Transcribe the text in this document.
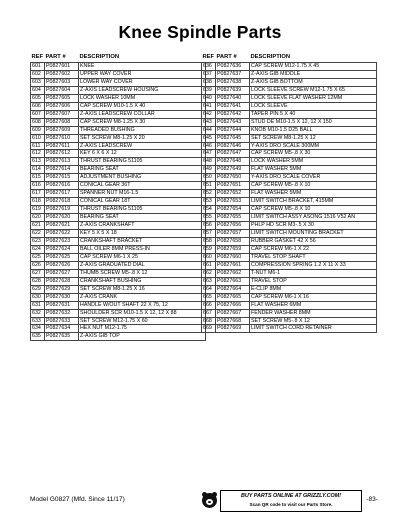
Knee Spindle Parts
REF	PART #	DESCRIPTION
601	P0827601	KNEE
602	P0827602	UPPER WAY COVER
603	P0827603	LOWER WAY COVER
604	P0827604	Z-AXIS LEADSCREW HOUSING
605	P0827605	LOCK WASHER 10MM
606	P0827606	CAP SCREW M10-1.5 X 40
607	P0827607	Z-AXIS LEADSCREW COLLAR
608	P0827608	CAP SCREW M8-1.25 X 30
609	P0827609	THREADED BUSHING
610	P0827610	SET SCREW M8-1.25 X 20
611	P0827611	Z-AXIS LEADSCREW
612	P0827612	KEY 6 X 6 X 12
613	P0827613	THRUST BEARING 51105
614	P0827614	BEARING SEAT
615	P0827615	ADJUSTMENT BUSHING
616	P0827616	CONICAL GEAR 36T
617	P0827617	SPANNER NUT M16-1.5
618	P0827618	CONICAL GEAR 18T
619	P0827619	THRUST BEARING 51105
620	P0827620	BEARING SEAT
621	P0827621	Z-AXIS CRANKSHAFT
622	P0827622	KEY 5 X 5 X 18
623	P0827623	CRANKSHAFT BRACKET
624	P0827624	BALL OILER 8MM PRESS-IN
625	P0827625	CAP SCREW M6-1 X 25
626	P0827626	Z-AXIS GRADUATED DIAL
627	P0827627	THUMB SCREW M5-.8 X 12
628	P0827628	CRANKSHAFT BUSHING
629	P0827629	SET SCREW M8-1.25 X 16
630	P0827630	Z-AXIS CRANK
631	P0827631	HANDLE W/OUT SHAFT 22 X 75, 12
632	P0827632	SHOULDER SCR M10-1.5 X 12, 12 X 88
633	P0827633	SET SCREW M12-1.75 X 60
634	P0827634	HEX NUT M12-1.75
635	P0827635	Z-AXIS GIB TOP
REF	PART #	DESCRIPTION
636	P0827636	CAP SCREW M12-1.75 X 45
637	P0827637	Z-AXIS GIB MIDDLE
638	P0827638	Z-AXIS GIB BOTTOM
639	P0827639	LOCK SLEEVE SCREW M12-1.75 X 65
640	P0827640	LOCK SLEEVE FLAT WASHER 12MM
641	P0827641	LOCK SLEEVE
642	P0827642	TAPER PIN 5 X 40
643	P0827643	STUD DE M10-1.5 X 12, 12 X 150
644	P0827644	KNOB M10-1.5 D25 BALL
645	P0827645	SET SCREW M8-1.25 X 12
646	P0827646	Y-AXIS DRO SCALE 300MM
647	P0827647	CAP SCREW M5-.8 X 30
648	P0827648	LOCK WASHER 5MM
649	P0827649	FLAT WASHER 5MM
650	P0827650	Y-AXIS DRO SCALE COVER
651	P0827651	CAP SCREW M5-.8 X 10
652	P0827652	FLAT WASHER 5MM
653	P0827653	LIMIT SWITCH BRACKET, 415MM
654	P0827654	CAP SCREW M5-.8 X 10
655	P0827655	LIMIT SWITCH ASSY ASONG 1516 V52 AN
656	P0827656	PHLP HD SCR M3-.5 X 30
657	P0827657	LIMIT SWITCH MOUNTING BRACKET
658	P0827658	RUBBER GASKET 42 X 56
659	P0827659	CAP SCREW M6-1 X 22
660	P0827660	TRAVEL STOP SHAFT
661	P0827661	COMPRESSION SPRING 1.2 X 11 X 33
662	P0827662	T-NUT M6-1
663	P0827663	TRAVEL STOP
664	P0827664	E-CLIP 8MM
665	P0827665	CAP SCREW M6-1 X 16
666	P0827666	FLAT WASHER 6MM
667	P0827667	FENDER WASHER 8MM
668	P0827668	SET SCREW M5-.8 X 12
669	P0827669	LIMIT SWITCH CORD RETAINER
Model G0827 (Mfd. Since 11/17)	BUY PARTS ONLINE AT GRIZZLY.COM!
Scan QR code to visit our Parts Store.
-83-
